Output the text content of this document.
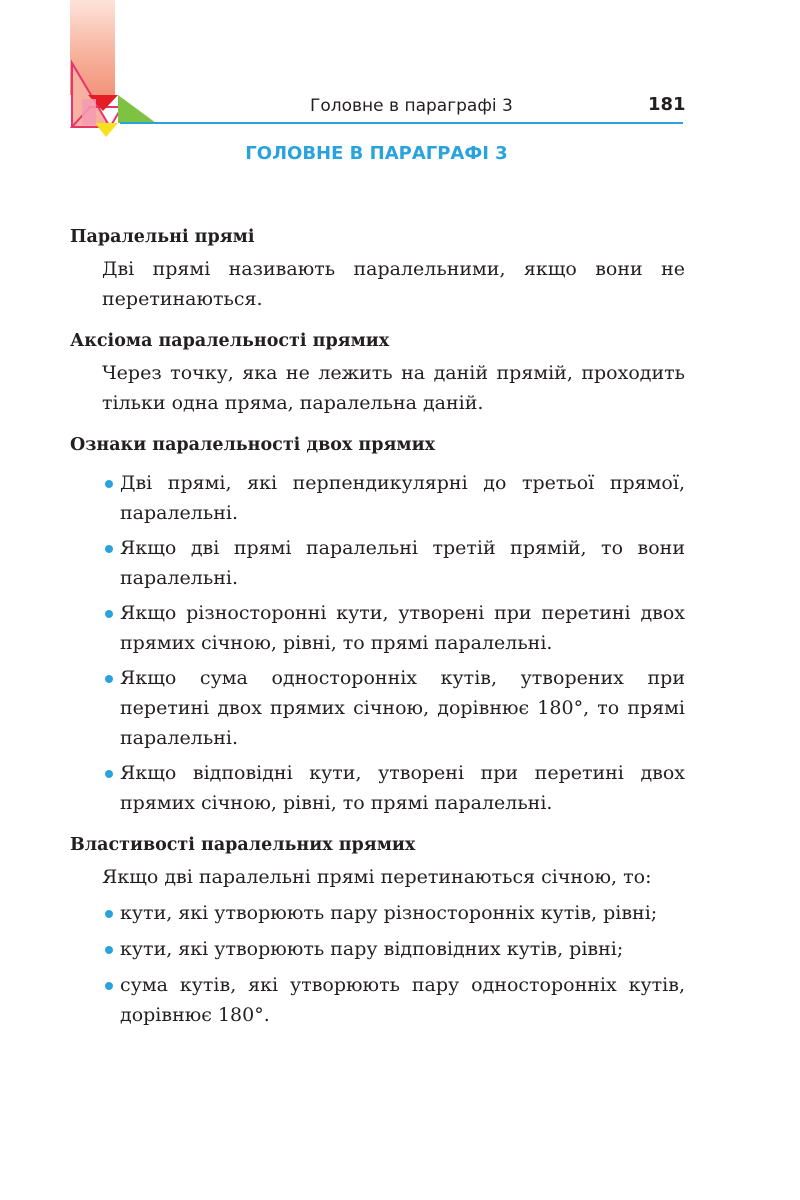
Головне в параграфі 3	181
ГОЛОВНЕ В ПАРАГРАФІ 3
Паралельні прямі

Дві прямі називають паралельними, якщо вони не перетинаються.

Аксіома паралельності прямих

Через точку, яка не лежить на даній прямій, проходить тільки одна пряма, паралельна даній.

Ознаки паралельності двох прямих
Дві прямі, які перпендикулярні до третьої прямої, паралельні.
Якщо дві прямі паралельні третій прямій, то вони паралельні.
Якщо різносторонні кути, утворені при перетині двох прямих січною, рівні, то прямі паралельні.
Якщо сума односторонніх кутів, утворених при перетині двох прямих січною, дорівнює 180°, то прямі паралельні.
Якщо відповідні кути, утворені при перетині двох прямих січною, рівні, то прямі паралельні.
Властивості паралельних прямих

Якщо дві паралельні прямі перетинаються січною, то:

кути, які утворюють пару різносторонніх кутів, рівні;
кути, які утворюють пару відповідних кутів, рівні;
сума кутів, які утворюють пару односторонніх кутів, дорівнює 180°.
